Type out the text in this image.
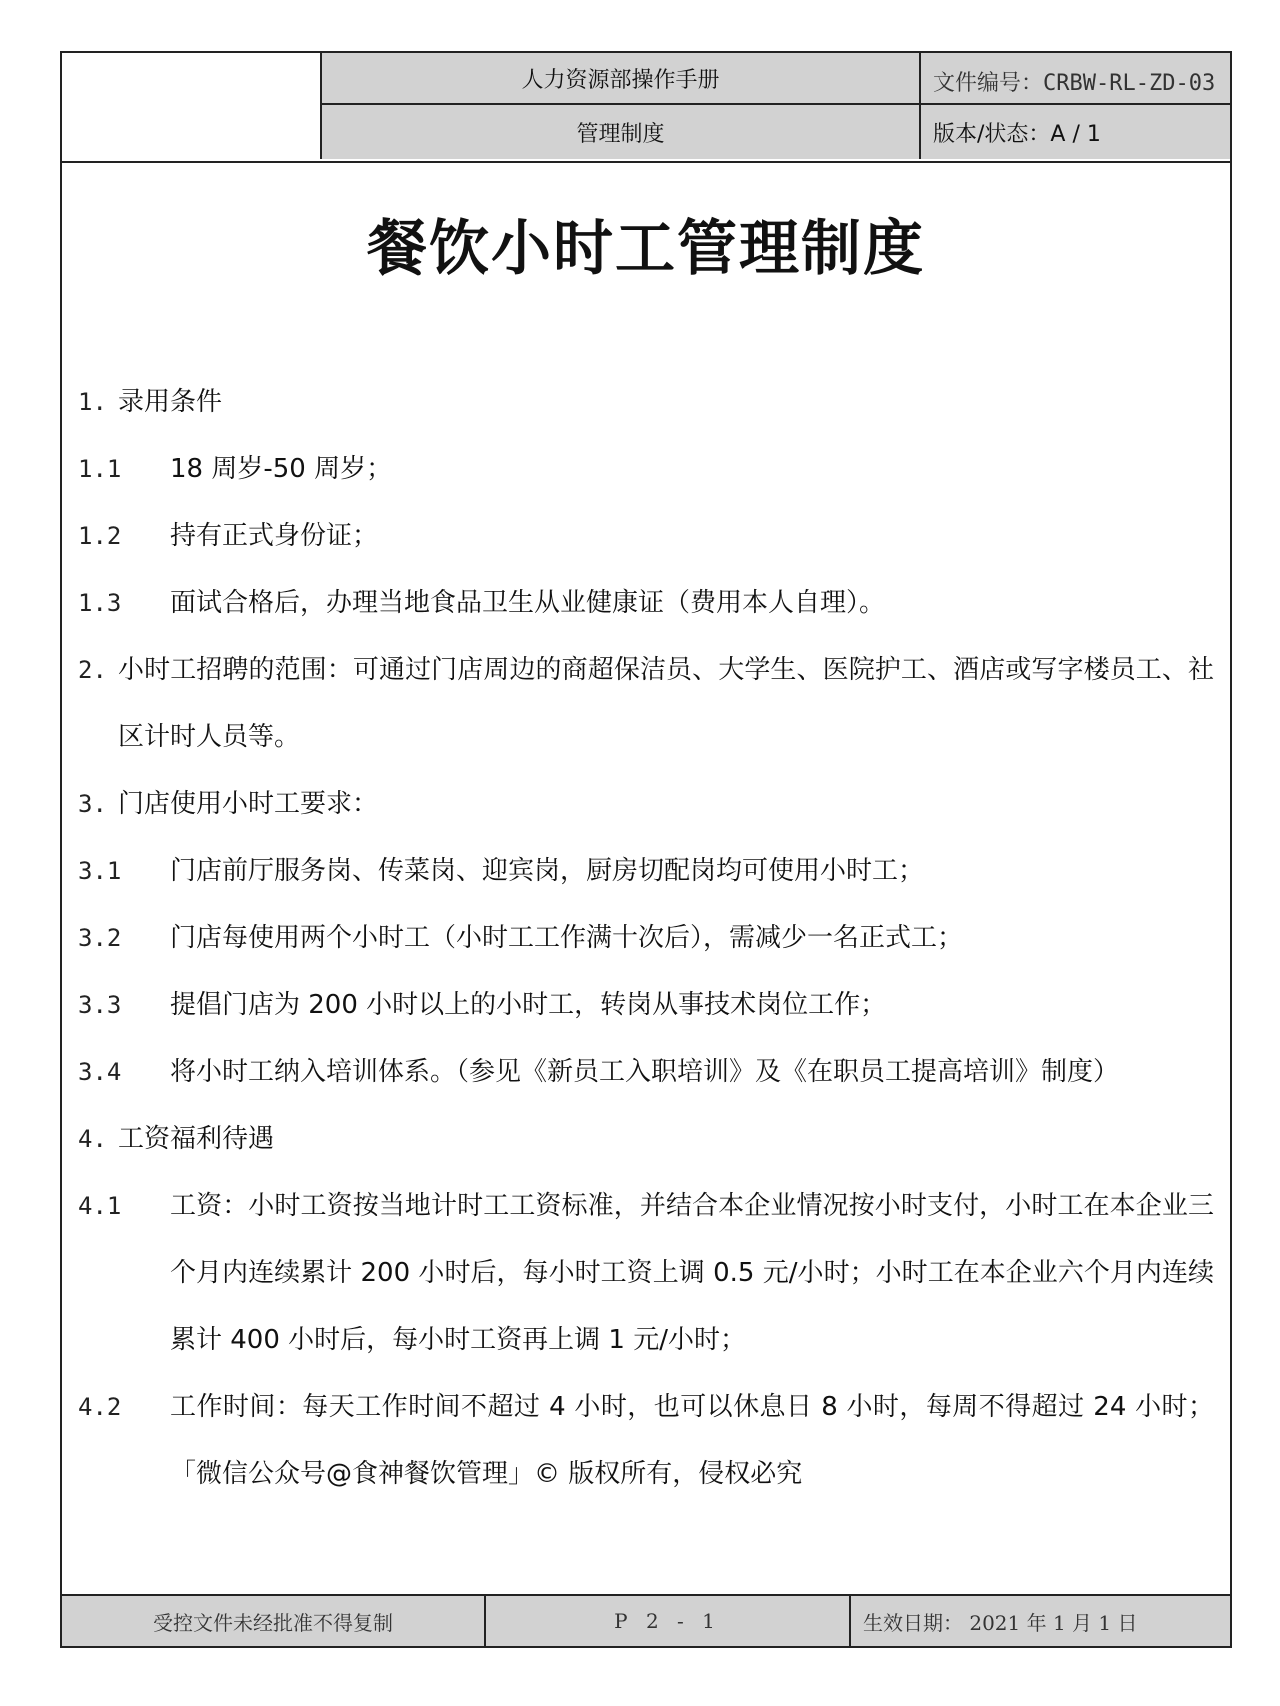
人力资源部操作手册	文件编号：CRBW-RL-ZD-03
管理制度	版本/状态：A / 1
餐饮小时工管理制度
1. 录用条件
1.1 18 周岁-50 周岁；
1.2 持有正式身份证；
1.3 面试合格后，办理当地食品卫生从业健康证（费用本人自理）。
2. 小时工招聘的范围：可通过门店周边的商超保洁员、大学生、医院护工、酒店或写字楼员工、社区计时人员等。
3. 门店使用小时工要求：
3.1 门店前厅服务岗、传菜岗、迎宾岗，厨房切配岗均可使用小时工；
3.2 门店每使用两个小时工（小时工工作满十次后），需减少一名正式工；
3.3 提倡门店为 200 小时以上的小时工，转岗从事技术岗位工作；
3.4 将小时工纳入培训体系。（参见《新员工入职培训》及《在职员工提高培训》制度）
4. 工资福利待遇
4.1 工资：小时工资按当地计时工工资标准，并结合本企业情况按小时支付，小时工在本企业三个月内连续累计 200 小时后，每小时工资上调 0.5 元/小时；小时工在本企业六个月内连续累计 400 小时后，每小时工资再上调 1 元/小时；
4.2 工作时间：每天工作时间不超过 4 小时，也可以休息日 8 小时，每周不得超过 24 小时；「微信公众号@食神餐饮管理」© 版权所有，侵权必究
受控文件未经批准不得复制	P 2 - 1	生效日期： 2021 年 1 月 1 日
